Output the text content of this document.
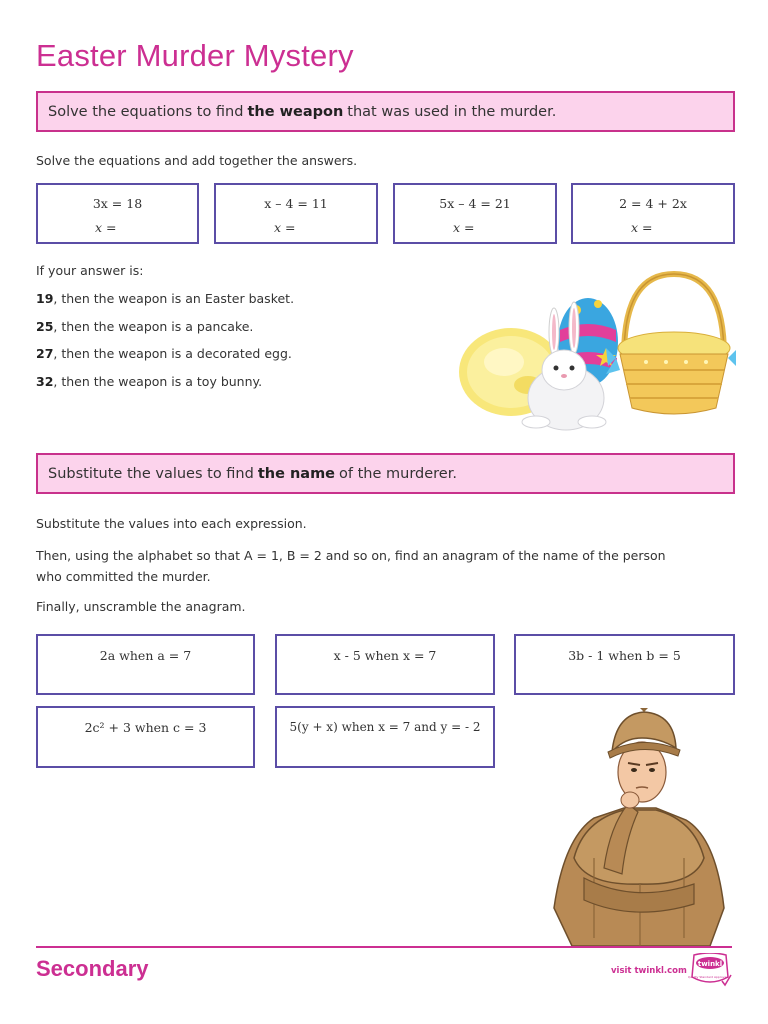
Easter Murder Mystery
Solve the equations to find the weapon that was used in the murder.
Solve the equations and add together the answers.
3x = 18
x =
x – 4 = 11
x =
5x – 4 = 21
x =
2 = 4 + 2x
x =
If your answer is:
19, then the weapon is an Easter basket.
25, then the weapon is a pancake.
27, then the weapon is a decorated egg.
32, then the weapon is a toy bunny.
Substitute the values to find the name of the murderer.
Substitute the values into each expression.
Then, using the alphabet so that A = 1, B = 2 and so on, find an anagram of the name of the person
who committed the murder.
Finally, unscramble the anagram.
2a when a = 7	x - 5 when x = 7	3b - 1 when b = 5
2c² + 3 when c = 3	5(y + x) when x = 7 and y = - 2
Secondary	visit twinkl.com
twinkl
Quality Standard Approved
